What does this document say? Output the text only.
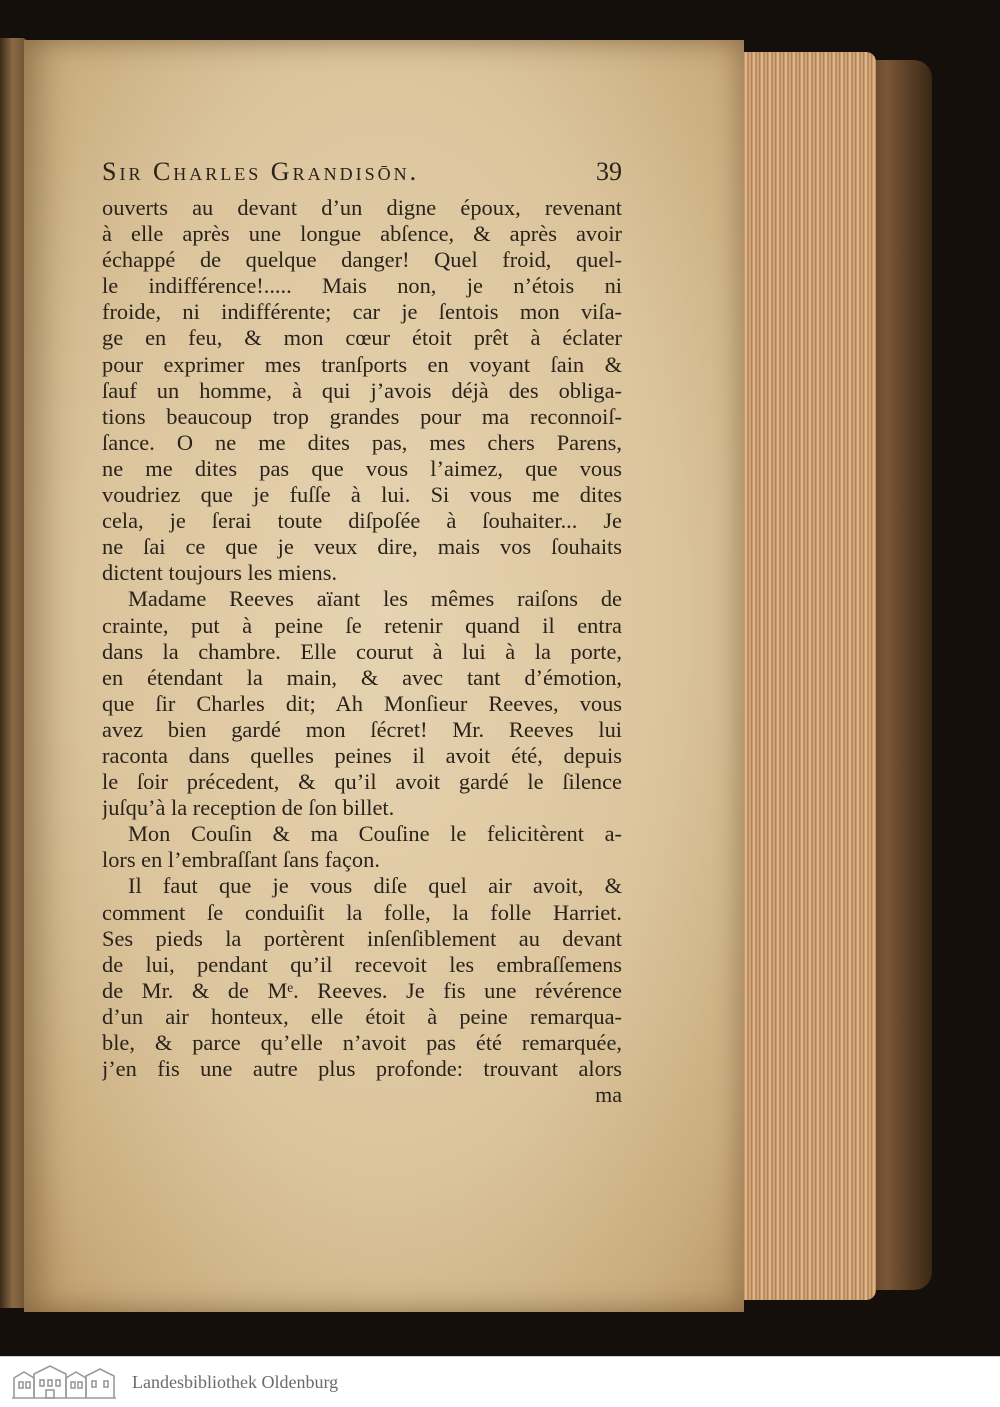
Sir Charles Grandisōn.	39
ouverts au devant d’un digne époux, revenant
à elle après une longue abſence, & après avoir
échappé de quelque danger! Quel froid, quel-
le indifférence!..... Mais non, je n’étois ni
froide, ni indifférente; car je ſentois mon viſa-
ge en feu, & mon cœur étoit prêt à éclater
pour exprimer mes tranſports en voyant ſain &
ſauf un homme, à qui j’avois déjà des obliga-
tions beaucoup trop grandes pour ma reconnoiſ-
ſance. O ne me dites pas, mes chers Parens,
ne me dites pas que vous l’aimez, que vous
voudriez que je fuſſe à lui. Si vous me dites
cela, je ſerai toute diſpoſée à ſouhaiter... Je
ne ſai ce que je veux dire, mais vos ſouhaits
dictent toujours les miens.
Madame Reeves aïant les mêmes raiſons de
crainte, put à peine ſe retenir quand il entra
dans la chambre. Elle courut à lui à la porte,
en étendant la main, & avec tant d’émotion,
que ſir Charles dit; Ah Monſieur Reeves, vous
avez bien gardé mon ſécret! Mr. Reeves lui
raconta dans quelles peines il avoit été, depuis
le ſoir précedent, & qu’il avoit gardé le ſilence
juſqu’à la reception de ſon billet.
Mon Couſin & ma Couſine le felicitèrent a-
lors en l’embraſſant ſans façon.
Il faut que je vous diſe quel air avoit, &
comment ſe conduiſit la folle, la folle Harriet.
Ses pieds la portèrent inſenſiblement au devant
de lui, pendant qu’il recevoit les embraſſemens
de Mr. & de Mᵉ. Reeves. Je fis une révérence
d’un air honteux, elle étoit à peine remarqua-
ble, & parce qu’elle n’avoit pas été remarquée,
j’en fis une autre plus profonde: trouvant alors
ma
Landesbibliothek Oldenburg
